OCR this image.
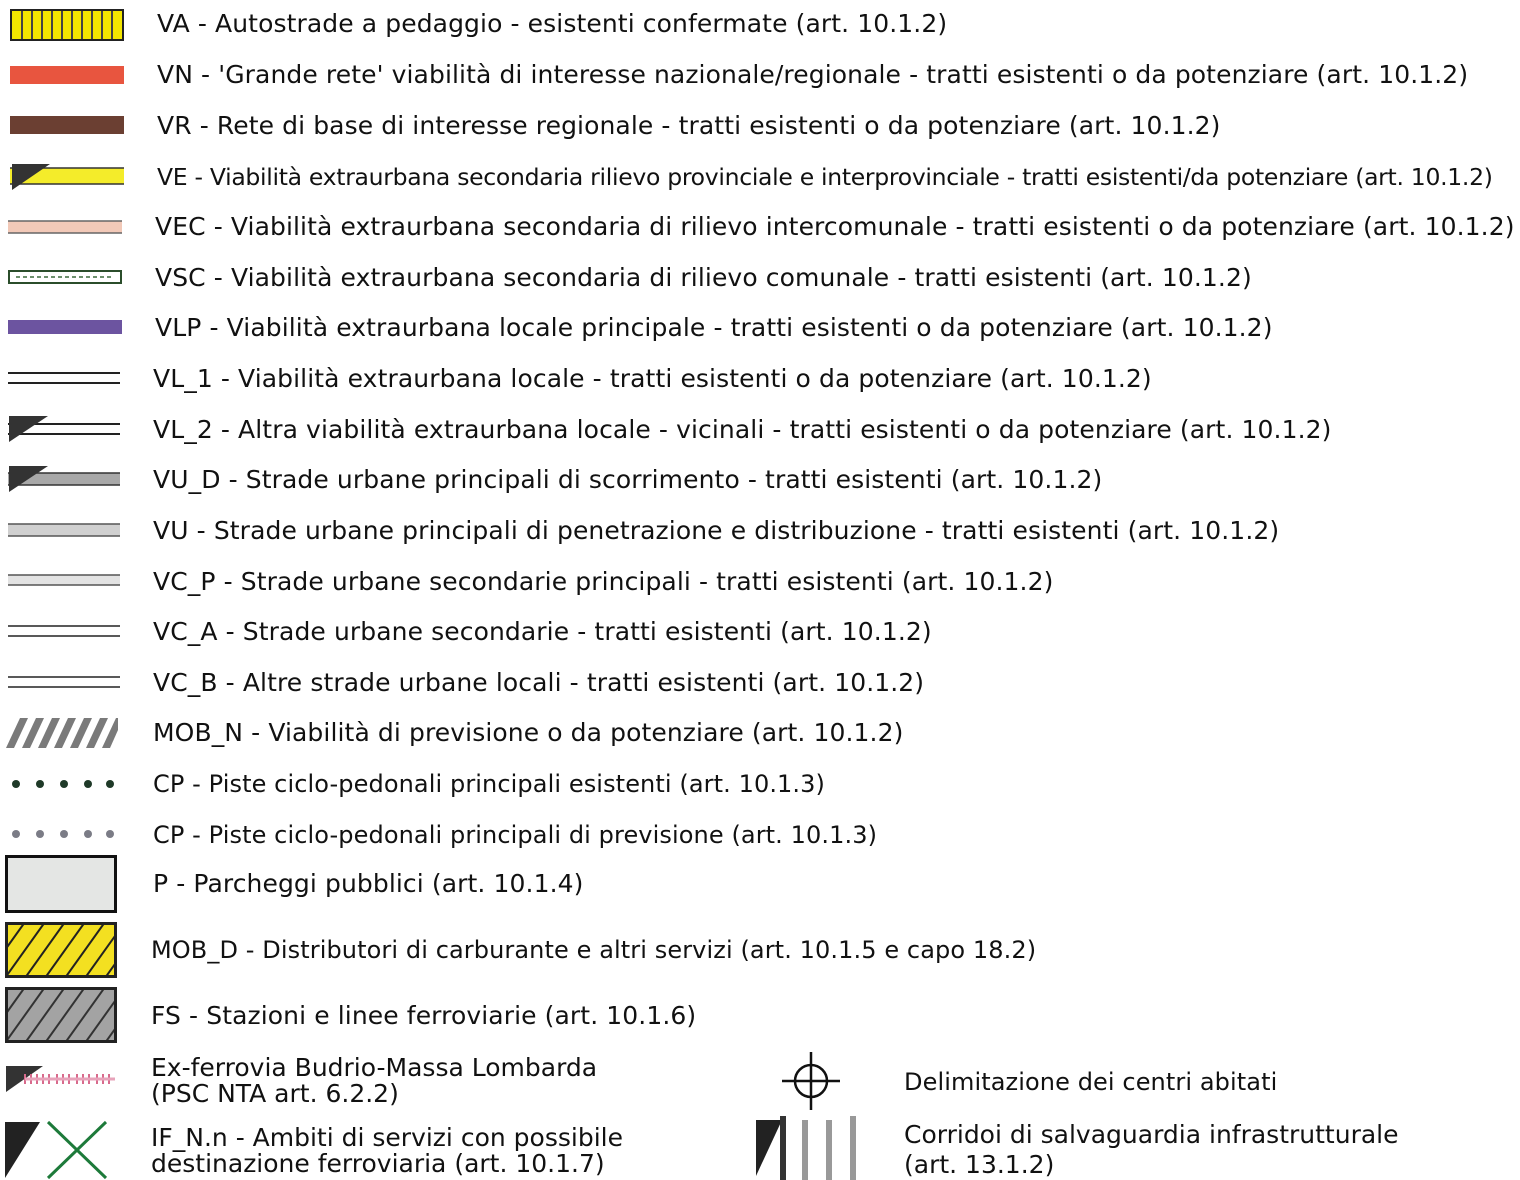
VA - Autostrade a pedaggio - esistenti confermate (art. 10.1.2)
VN - 'Grande rete' viabilità di interesse nazionale/regionale - tratti esistenti o da potenziare (art. 10.1.2)
VR - Rete di base di interesse regionale - tratti esistenti o da potenziare (art. 10.1.2)
VE - Viabilità extraurbana secondaria rilievo provinciale e interprovinciale - tratti esistenti/da potenziare (art. 10.1.2)
VEC - Viabilità extraurbana secondaria di rilievo intercomunale - tratti esistenti o da potenziare (art. 10.1.2)
VSC - Viabilità extraurbana secondaria di rilievo comunale - tratti esistenti (art. 10.1.2)
VLP - Viabilità extraurbana locale principale - tratti esistenti o da potenziare (art. 10.1.2)
VL_1 - Viabilità extraurbana locale - tratti esistenti o da potenziare (art. 10.1.2)
VL_2 - Altra viabilità extraurbana locale - vicinali - tratti esistenti o da potenziare (art. 10.1.2)
VU_D - Strade urbane principali di scorrimento - tratti esistenti (art. 10.1.2)
VU - Strade urbane principali di penetrazione e distribuzione - tratti esistenti (art. 10.1.2)
VC_P - Strade urbane secondarie principali - tratti esistenti (art. 10.1.2)
VC_A - Strade urbane secondarie - tratti esistenti (art. 10.1.2)
VC_B - Altre strade urbane locali - tratti esistenti (art. 10.1.2)
MOB_N - Viabilità di previsione o da potenziare (art. 10.1.2)
CP - Piste ciclo-pedonali principali esistenti (art. 10.1.3)
CP - Piste ciclo-pedonali principali di previsione (art. 10.1.3)
P - Parcheggi pubblici (art. 10.1.4)
MOB_D - Distributori di carburante e altri servizi (art. 10.1.5 e capo 18.2)
FS - Stazioni e linee ferroviarie (art. 10.1.6)
Ex-ferrovia Budrio-Massa Lombarda
(PSC NTA art. 6.2.2)
IF_N.n - Ambiti di servizi con possibile
destinazione ferroviaria (art. 10.1.7)
Delimitazione dei centri abitati
Corridoi di salvaguardia infrastrutturale
(art. 13.1.2)
